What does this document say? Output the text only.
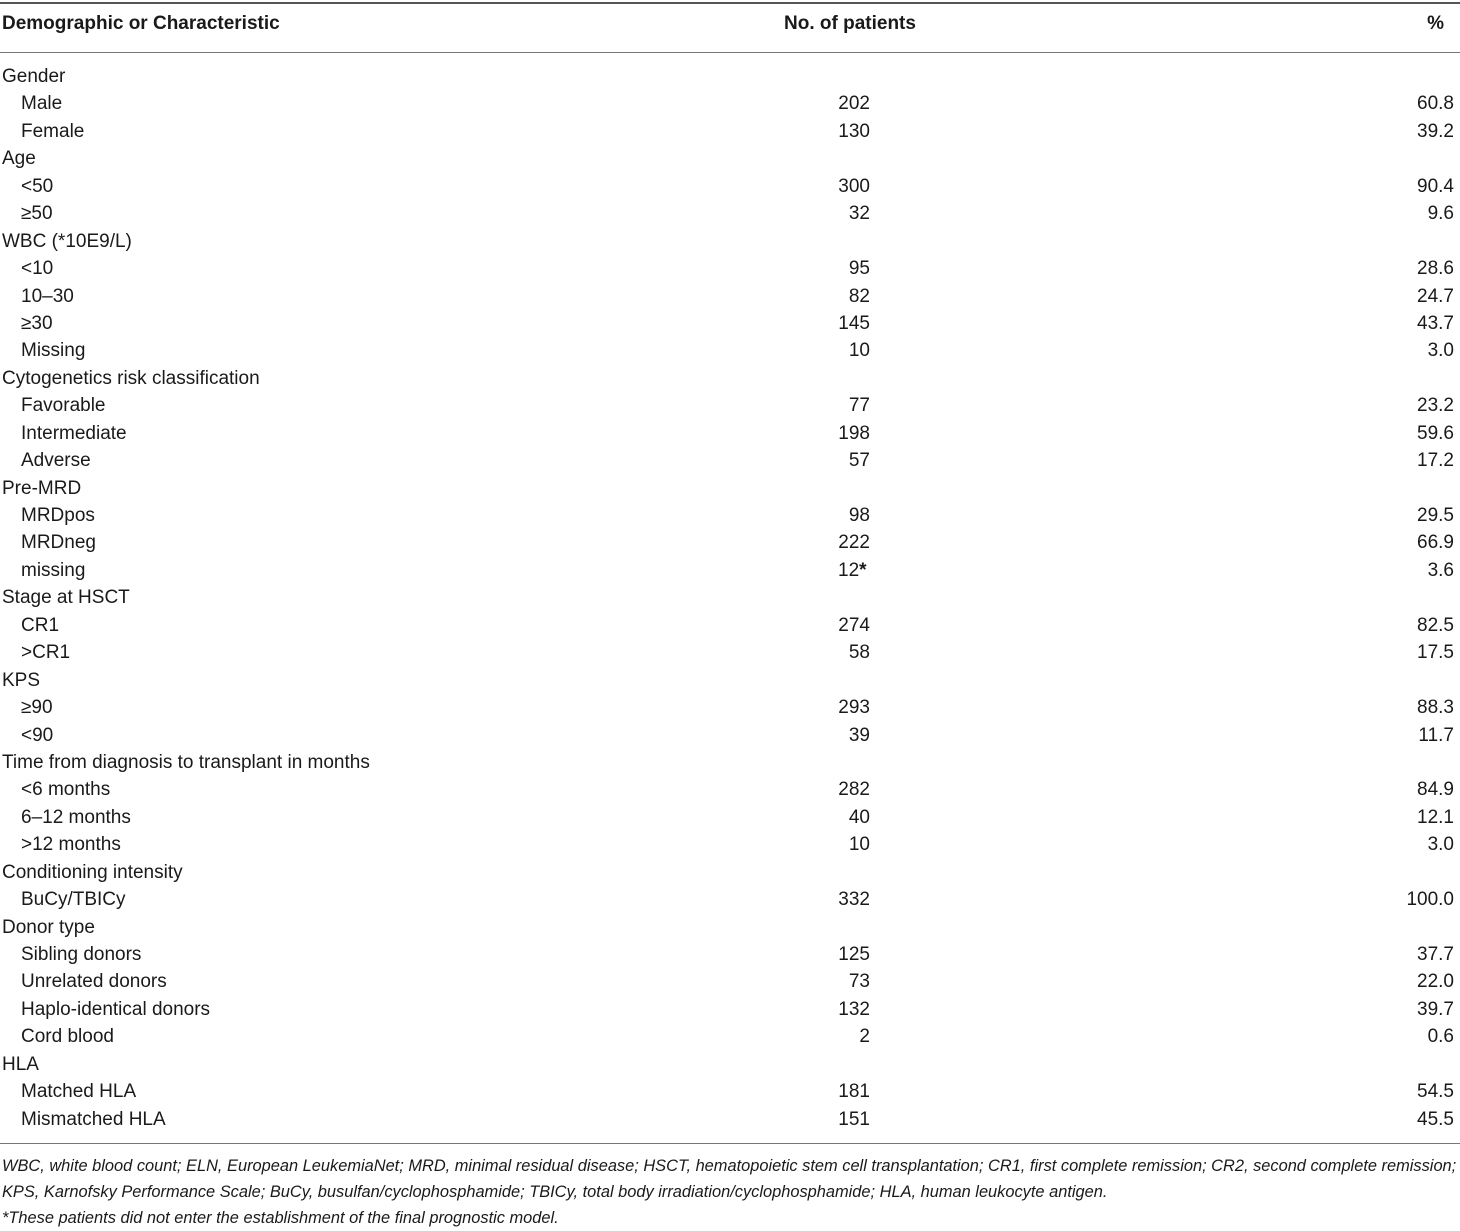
Demographic or Characteristic	No. of patients	%
Gender
Male	202	60.8
Female	130	39.2
Age
<50	300	90.4
≥50	32	9.6
WBC (*10E9/L)
<10	95	28.6
10–30	82	24.7
≥30	145	43.7
Missing	10	3.0
Cytogenetics risk classification
Favorable	77	23.2
Intermediate	198	59.6
Adverse	57	17.2
Pre-MRD
MRDpos	98	29.5
MRDneg	222	66.9
missing	12*	3.6
Stage at HSCT
CR1	274	82.5
>CR1	58	17.5
KPS
≥90	293	88.3
<90	39	11.7
Time from diagnosis to transplant in months
<6 months	282	84.9
6–12 months	40	12.1
>12 months	10	3.0
Conditioning intensity
BuCy/TBICy	332	100.0
Donor type
Sibling donors	125	37.7
Unrelated donors	73	22.0
Haplo-identical donors	132	39.7
Cord blood	2	0.6
HLA
Matched HLA	181	54.5
Mismatched HLA	151	45.5

WBC, white blood count; ELN, European LeukemiaNet; MRD, minimal residual disease; HSCT, hematopoietic stem cell transplantation; CR1, first complete remission; CR2, second complete remission; KPS, Karnofsky Performance Scale; BuCy, busulfan/cyclophosphamide; TBICy, total body irradiation/cyclophosphamide; HLA, human leukocyte antigen.

*These patients did not enter the establishment of the final prognostic model.
